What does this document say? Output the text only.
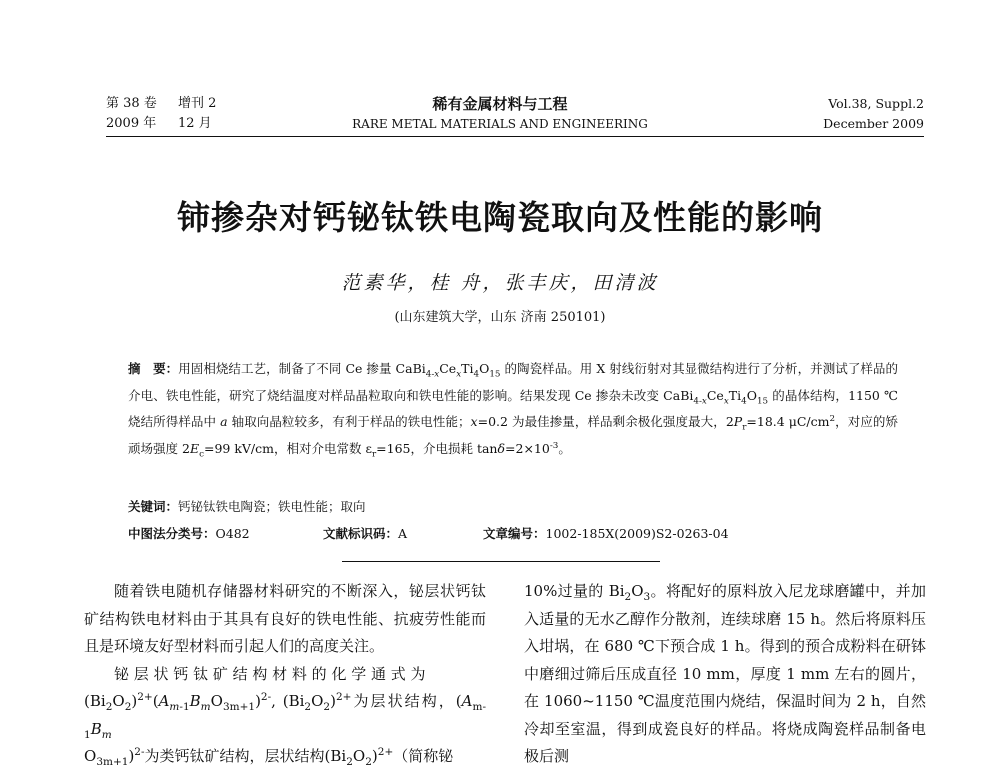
第 38 卷	增刊 2
2009 年	12 月
稀有金属材料与工程
RARE METAL MATERIALS AND ENGINEERING
Vol.38, Suppl.2
December 2009
铈掺杂对钙铋钛铁电陶瓷取向及性能的影响
范素华，桂 舟，张丰庆，田清波
(山东建筑大学，山东 济南 250101)
摘　要：用固相烧结工艺，制备了不同 Ce 掺量 $CaBi_{4-x}Ce_xTi_4O_{15}$ 的陶瓷样品。用 X 射线衍射对其显微结构进行了分析，并测试了样品的介电、铁电性能，研究了烧结温度对样品晶粒取向和铁电性能的影响。结果发现 Ce 掺杂未改变 $CaBi_{4-x}Ce_xTi_4O_{15}$ 的晶体结构，1150 ℃烧结所得样品中 a 轴取向晶粒较多，有利于样品的铁电性能；x=0.2 为最佳掺量，样品剩余极化强度最大，$2P_r=18.4$ $\mu C/cm^2$，对应的矫顽场强度 $2E_c=99$ kV/cm，相对介电常数 $\varepsilon_r=165$，介电损耗 $\tan\delta=2\times 10^{-3}$。
关键词：钙铋钛铁电陶瓷；铁电性能；取向
中图法分类号：O482	文献标识码：A	文章编号：1002-185X(2009)S2-0263-04

随着铁电随机存储器材料研究的不断深入，铋层状钙钛矿结构铁电材料由于其具有良好的铁电性能、抗疲劳性能而且是环境友好型材料而引起人们的高度关注。

铋 层 状 钙 钛 矿 结 构 材 料 的 化 学 通 式 为
$(Bi_2O_2)^{2+}(A_{m-1}B_mO_{3m+1})^{2-}$, $(Bi_2O_2)^{2+}$为层状结构，($A_{m-1}B_m$
$O_{3m+1})^{2-}$为类钙钛矿结构，层状结构$(Bi_2O_2)^{2+}$（简称铋

10%过量的 $Bi_2O_3$。将配好的原料放入尼龙球磨罐中，并加入适量的无水乙醇作分散剂，连续球磨 15 h。然后将原料压入坩埚，在 680 ℃下预合成 1 h。得到的预合成粉料在研钵中磨细过筛后压成直径 10 mm，厚度 1 mm 左右的圆片，在 1060~1150 ℃温度范围内烧结，保温时间为 2 h，自然冷却至室温，得到成瓷良好的样品。将烧成陶瓷样品制备电极后测
